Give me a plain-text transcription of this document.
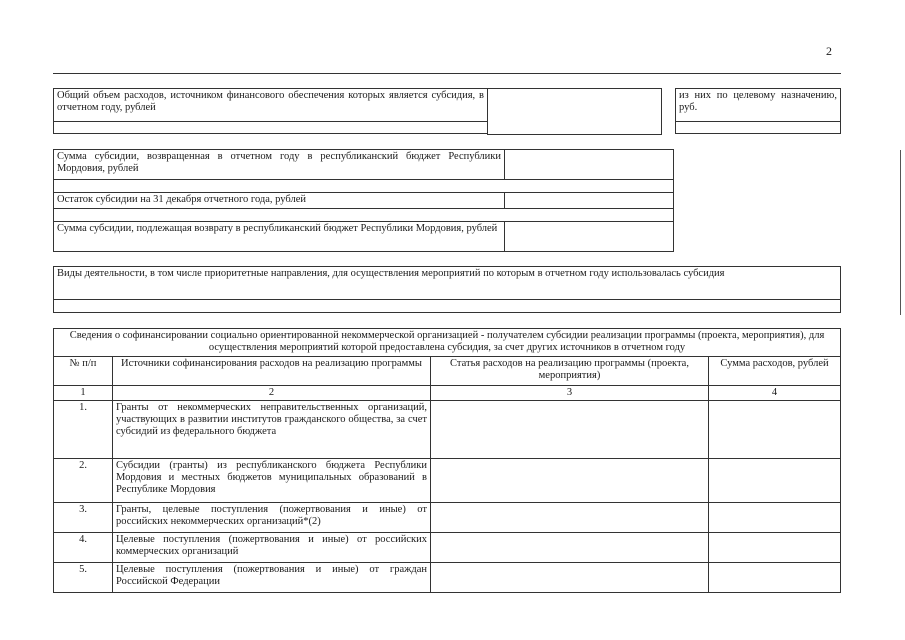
2
Общий объем расходов, источником финансового обеспечения которых является субсидия, в отчетном году, рублей

из них по целевому назначению, руб.

Сумма субсидии, возвращенная в отчетном году в республиканский бюджет Республики Мордовия, рублей	

Остаток субсидии на 31 декабря отчетного года, рублей	

Сумма субсидии, подлежащая возврату в республиканский бюджет Республики Мордовия, рублей	
Виды деятельности, в том числе приоритетные направления, для осуществления мероприятий по которым в отчетном году использовалась субсидия

Сведения о софинансировании социально ориентированной некоммерческой организацией - получателем субсидии реализации программы (проекта, мероприятия), для осуществления мероприятий которой предоставлена субсидия, за счет других источников в отчетном году			
№ п/п	Источники софинансирования расходов на реализацию программы	Статья расходов на реализацию программы (проекта, мероприятия)	Сумма расходов, рублей
1	2	3	4
1.	Гранты от некоммерческих неправительственных организаций, участвующих в развитии институтов гражданского общества, за счет субсидий из федерального бюджета		
2.	Субсидии (гранты) из республиканского бюджета Республики Мордовия и местных бюджетов муниципальных образований в Республике Мордовия		
3.	Гранты, целевые поступления (пожертвования и иные) от российских некоммерческих организаций*(2)		
4.	Целевые поступления (пожертвования и иные) от российских коммерческих организаций		
5.	Целевые поступления (пожертвования и иные) от граждан Российской Федерации		
